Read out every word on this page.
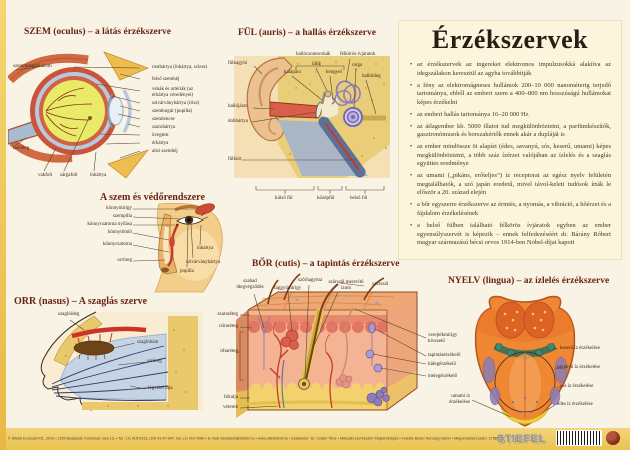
SZEM (oculus) – a látás érzékszerve
szemmozgató izom	rosthártya (ínhártya, sclera)
felső szemhéj
vénák és artériák (az érhártya véredényei)
szivárványhártya (írisz)
szembogár (pupilla)
szemlencse
szaruhártya
üvegtest
érhártya
alsó szemhéj
látóideg
vakfolt sárgafolt	ínhártya
FÜL (auris) – a hallás érzékszerve
fülkagyló
hallócsontocskák
kalapács
üllő
kengyel
félkörös ívjáratok
csiga
hallóideg
hallójárat
dobhártya
fülkürt
külső fül	középfül	belső fül
Érzékszervek
• az érzékszervek az ingereket elektromos impulzusokká alakítva az idegszálakon keresztül az agyba továbbítják
• a fény az elektromágneses hullámok 200–10 000 nanométerig terjedő tartománya, ebből az emberi szem a 400–800 nm hosszúságú hullámokat képes érzékelni
• az emberi hallás tartománya 16–20 000 Hz
• az átlagember kb. 5000 illatot tud megkülönböztetni, a parfümkészítők, gasztronómusok és borszakértők ennek akár a dupláját is
• az ember mindössze öt alapízt (édes, savanyú, sós, keserű, umami) képes megkülönböztetni, a több száz ízérzet valójában az ízlelés és a szaglás együttes eredménye
• az umami („pikáns, erőteljes”) íz receptorai az egész nyelv felületén megtalálhatók, a szó japán eredetű, mivel távol-keleti tudósok írták le először a 20. század elején
• a bőr egyszerre érzékszerve az érintés, a nyomás, a vibráció, a hőérzet és a fájdalom érzékelésének
• a belső fülben található félkörös ívjáratok egyben az ember egyensúlyszervét is képezik – ennek felfedezéséért dr. Bárány Róbert magyar származású bécsi orvos 1914-ben Nobel-díjat kapott
A szem és védőrendszere
könnymirigy
szempilla
könnycsatorna nyílása
könnytömlő
könnycsatorna
orrüreg
ínhártya
szivárványhártya
pupilla
ORR (nasus) – A szaglás szerve
szaglóideg
szaglóhám
orrüreg
légvétel útja
BŐR (cutis) – a tapintás érzékszerve
szabad idegvégződés	faggyúmirigy
szőrhagyma	szőrszál merevítő izom
szőrszál
szaruréteg
csíraréteg
irharéteg
bőralja
vérerek
verejtékmirigy kivezető
tapintásérzékelő
hidegérzékelő
melegérzékelő
NYELV (lingua) – az ízlelés érzékszerve
keserű íz érzékelése
savanyú íz érzékelése
sós íz érzékelése
édes íz érzékelése
umami íz érzékelése
© Stiefel Eurocart Kft., 2010 • 1155 Budapest, Kolozsvár utca 13. • Tel.: (1) 415-0313, (20) 41-47-947, fax: (1) 414-7080 • E-mail: iskolabolt@stiefel.hu • www.stiefelbolt.hu • Szaklektor: Dr. Csáter Tibor • Műszaki szerkesztő: Majsai Mátyás • Felelős kiadó: Herczeg Gábor • Megrendelési szám: 17586/N
STIEFEL
